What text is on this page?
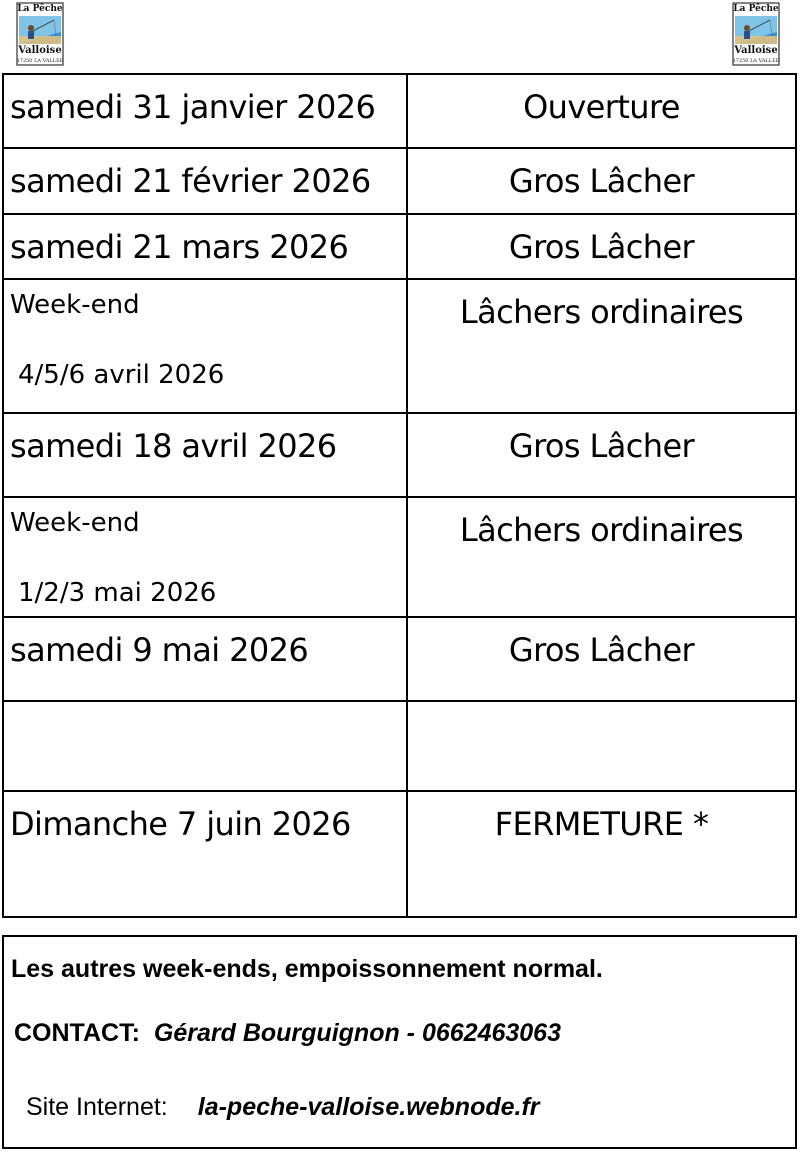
La Pêche

Valloise

17250 LA VALLEE

La Pêche

Valloise

17250 LA VALLEE

samedi 31 janvier 2026	Ouverture

samedi 21 février 2026	Gros Lâcher

samedi 21 mars 2026	Gros Lâcher

Week-end
4/5/6 avril 2026	Lâchers ordinaires

samedi 18 avril 2026	Gros Lâcher

Week-end
1/2/3 mai 2026	Lâchers ordinaires

samedi 9 mai 2026	Gros Lâcher

Dimanche 7 juin 2026	FERMETURE *

Les autres week-ends, empoissonnement normal.

CONTACT: Gérard Bourguignon - 0662463063

Site Internet: la-peche-valloise.webnode.fr
